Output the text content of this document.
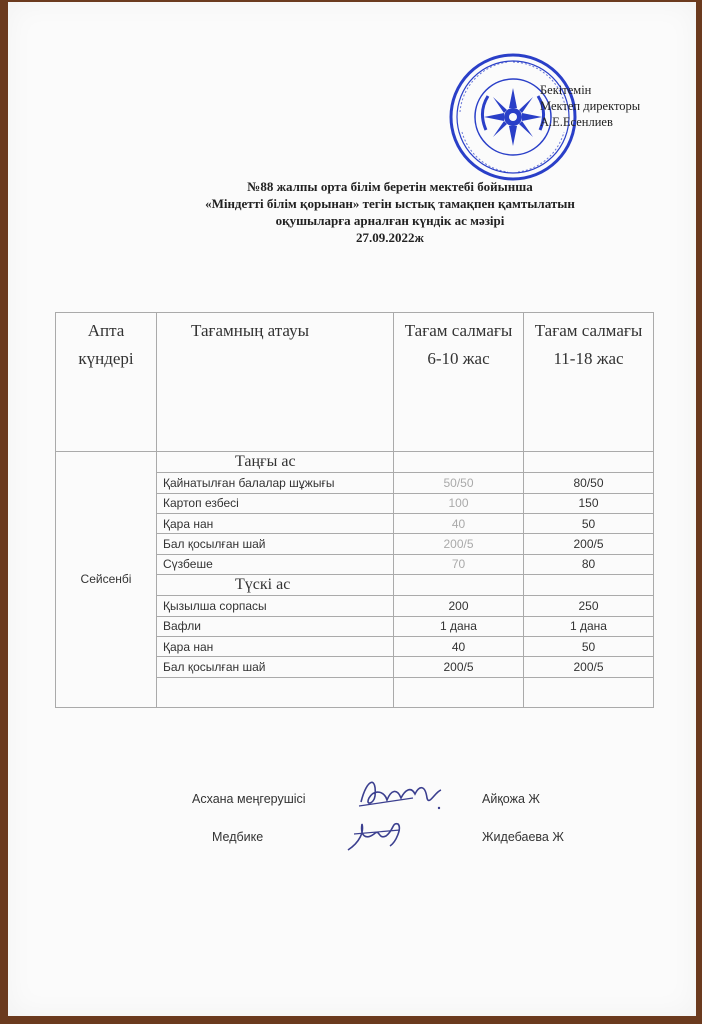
Бекітемін
Мектеп директоры
А.Е.Есенлиев
№88 жалпы орта білім беретін мектебі бойынша
«Міндетті білім қорынан» тегін ыстық тамақпен қамтылатын
оқушыларға арналған күндік ас мәзірі
27.09.2022ж
Апта күндері	Тағамның атауы	Тағам салмағы 6-10 жас	Тағам салмағы 11-18 жас
Сейсенбі	Таңғы ас		
	Қайнатылған балалар шұжығы	50/50	80/50
	Картоп езбесі	100	150
	Қара нан	40	50
	Бал қосылған шай	200/5	200/5
	Сүзбеше	70	80
	Түскі ас		
	Қызылша сорпасы	200	250
	Вафли	1 дана	1 дана
	Қара нан	40	50
	Бал қосылған шай	200/5	200/5

Асхана меңгерушісі	Айқожа Ж
Медбике	Жидебаева Ж
